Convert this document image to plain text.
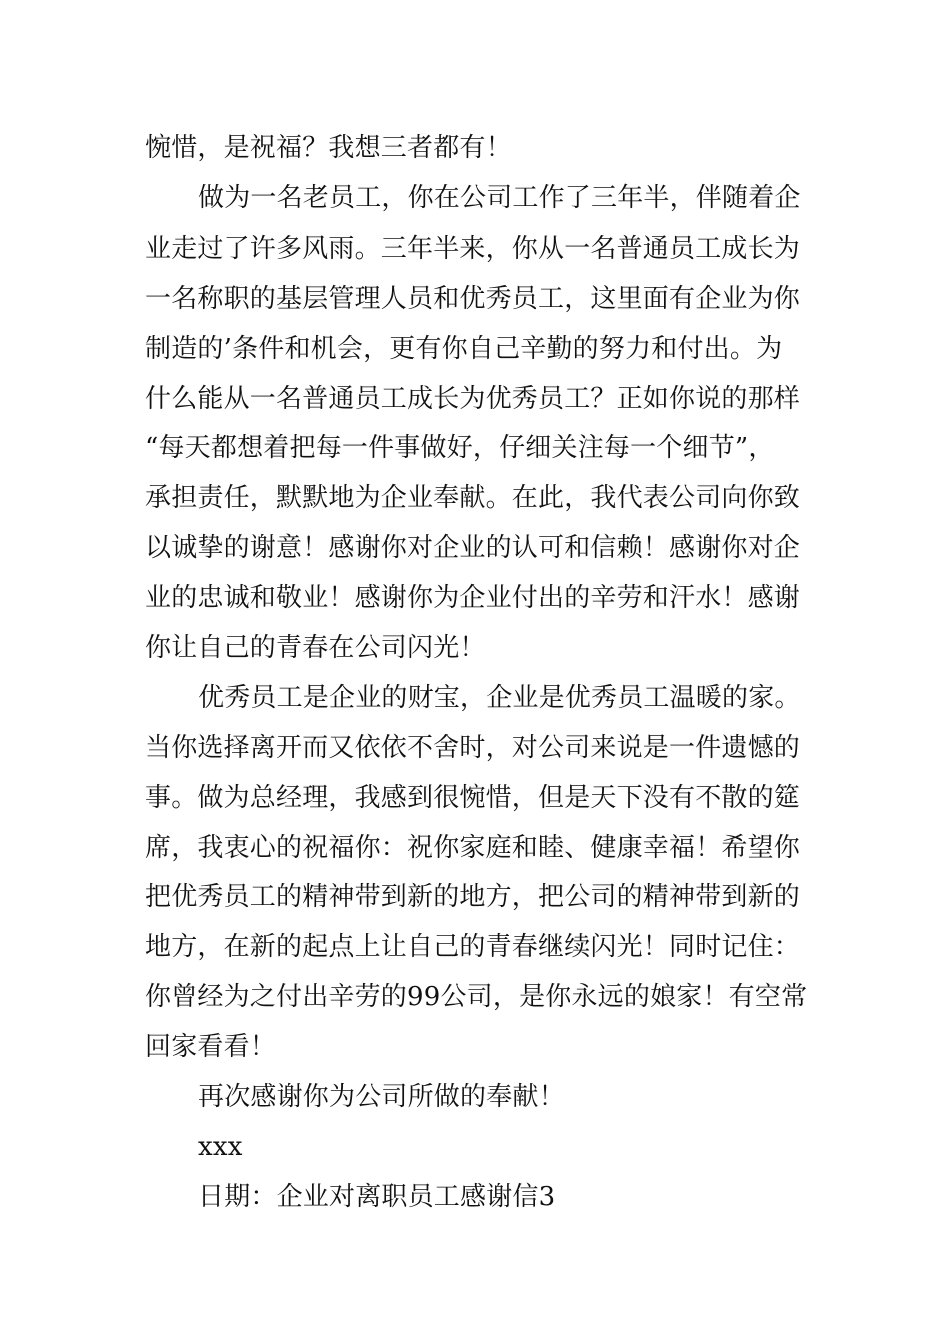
惋惜，是祝福？我想三者都有！
做为一名老员工，你在公司工作了三年半，伴随着企
业走过了许多风雨。三年半来，你从一名普通员工成长为
一名称职的基层管理人员和优秀员工，这里面有企业为你
制造的’条件和机会，更有你自己辛勤的努力和付出。为
什么能从一名普通员工成长为优秀员工？正如你说的那样
“每天都想着把每一件事做好，仔细关注每一个细节”，
承担责任，默默地为企业奉献。在此，我代表公司向你致
以诚挚的谢意！感谢你对企业的认可和信赖！感谢你对企
业的忠诚和敬业！感谢你为企业付出的辛劳和汗水！感谢
你让自己的青春在公司闪光！
优秀员工是企业的财宝，企业是优秀员工温暖的家。
当你选择离开而又依依不舍时，对公司来说是一件遗憾的
事。做为总经理，我感到很惋惜，但是天下没有不散的筵
席，我衷心的祝福你：祝你家庭和睦、健康幸福！希望你
把优秀员工的精神带到新的地方，把公司的精神带到新的
地方，在新的起点上让自己的青春继续闪光！同时记住：
你曾经为之付出辛劳的99公司，是你永远的娘家！有空常
回家看看！
再次感谢你为公司所做的奉献！
xxx
日期：企业对离职员工感谢信3
